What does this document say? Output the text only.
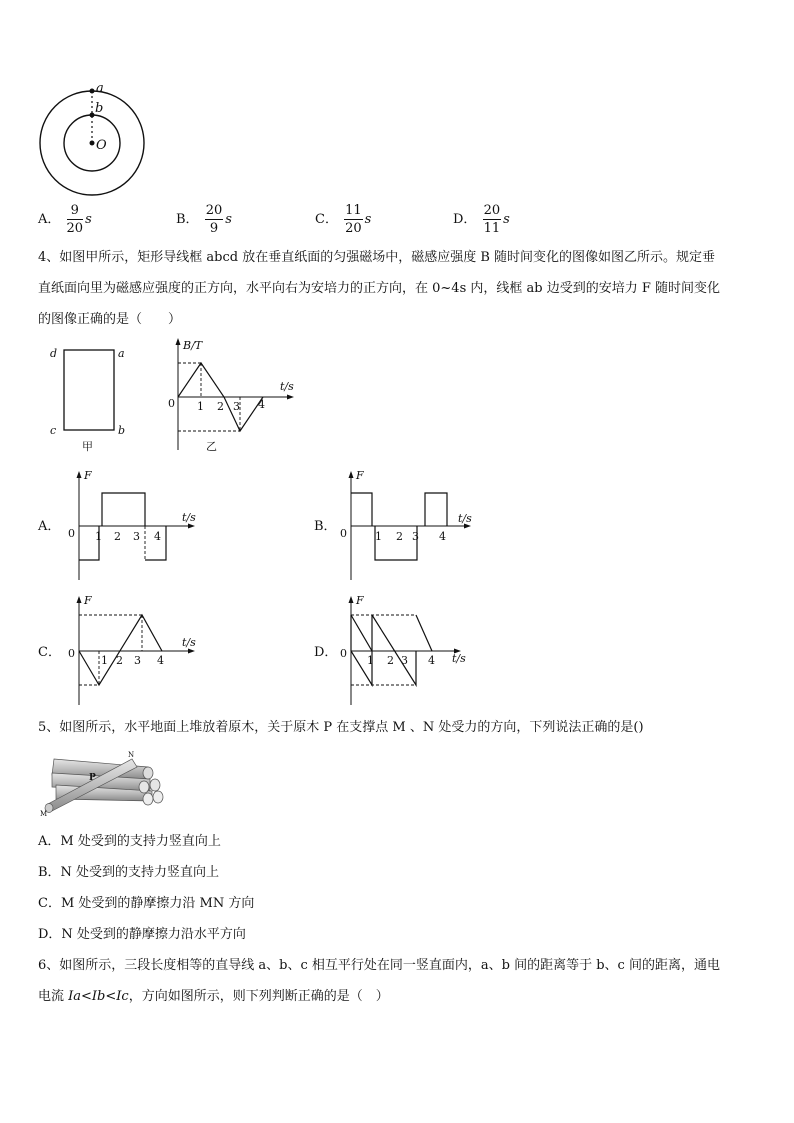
a
b
O
A． $\frac{9}{20}$ s	B． $\frac{20}{9}$ s	C． $\frac{11}{20}$ s	D． $\frac{20}{11}$ s
4、如图甲所示，矩形导线框 abcd 放在垂直纸面的匀强磁场中，磁感应强度 B 随时间变化的图像如图乙所示。规定垂
直纸面向里为磁感应强度的正方向，水平向右为安培力的正方向，在 0~4s 内，线框 ab 边受到的安培力 F 随时间变化
的图像正确的是（　　）
d	a
c	b
甲
B/T
t/s
0 1 2 3 4
乙
A．
F
t/s
0 1 2 3 4
B．
F
t/s
0	1 2 3 4
C．
F
t/s
0
1 2 3 4
D．
F
t/s
0
1 2 3 4
5、如图所示，水平地面上堆放着原木，关于原木 P 在支撑点 M 、N 处受力的方向，下列说法正确的是()
P
N
M
A．M 处受到的支持力竖直向上
B．N 处受到的支持力竖直向上
C．M 处受到的静摩擦力沿 MN 方向
D．N 处受到的静摩擦力沿水平方向
6、如图所示，三段长度相等的直导线 a、b、c 相互平行处在同一竖直面内，a、b 间的距离等于 b、c 间的距离，通电
电流 Ia<Ib<Ic，方向如图所示，则下列判断正确的是（　）
